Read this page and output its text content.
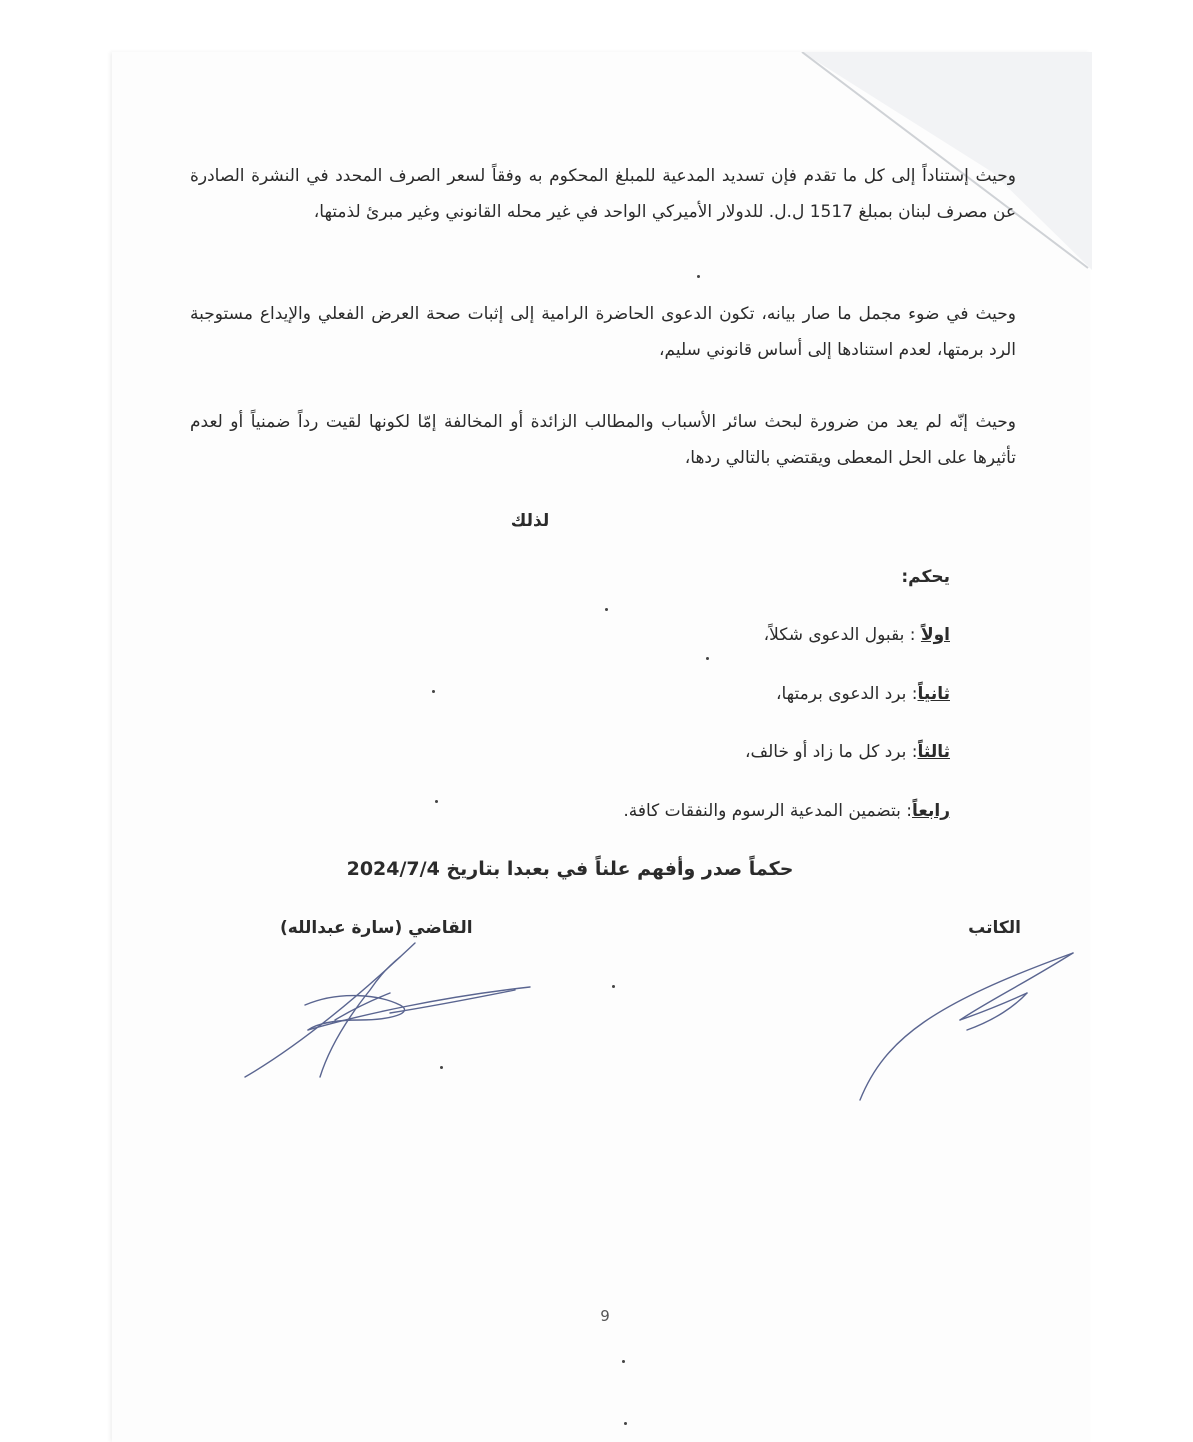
وحيث إستناداً إلى كل ما تقدم فإن تسديد المدعية للمبلغ المحكوم به وفقاً لسعر الصرف المحدد في النشرة الصادرة عن مصرف لبنان بمبلغ 1517 ل.ل. للدولار الأميركي الواحد في غير محله القانوني وغير مبرئ لذمتها،

وحيث في ضوء مجمل ما صار بيانه، تكون الدعوى الحاضرة الرامية إلى إثبات صحة العرض الفعلي والإيداع مستوجبة الرد برمتها، لعدم استنادها إلى أساس قانوني سليم،

وحيث إنّه لم يعد من ضرورة لبحث سائر الأسباب والمطالب الزائدة أو المخالفة إمّا لكونها لقيت رداً ضمنياً أو لعدم تأثيرها على الحل المعطى ويقتضي بالتالي ردها،

لذلك

يحكم:

اولاً : بقبول الدعوى شكلاً،

ثانياً: برد الدعوى برمتها،

ثالثاً: برد كل ما زاد أو خالف،

رابعاً: بتضمين المدعية الرسوم والنفقات كافة.

حكماً صدر وأفهم علناً في بعبدا بتاريخ 2024/7/4

القاضي (سارة عبدالله)	الكاتب

9
